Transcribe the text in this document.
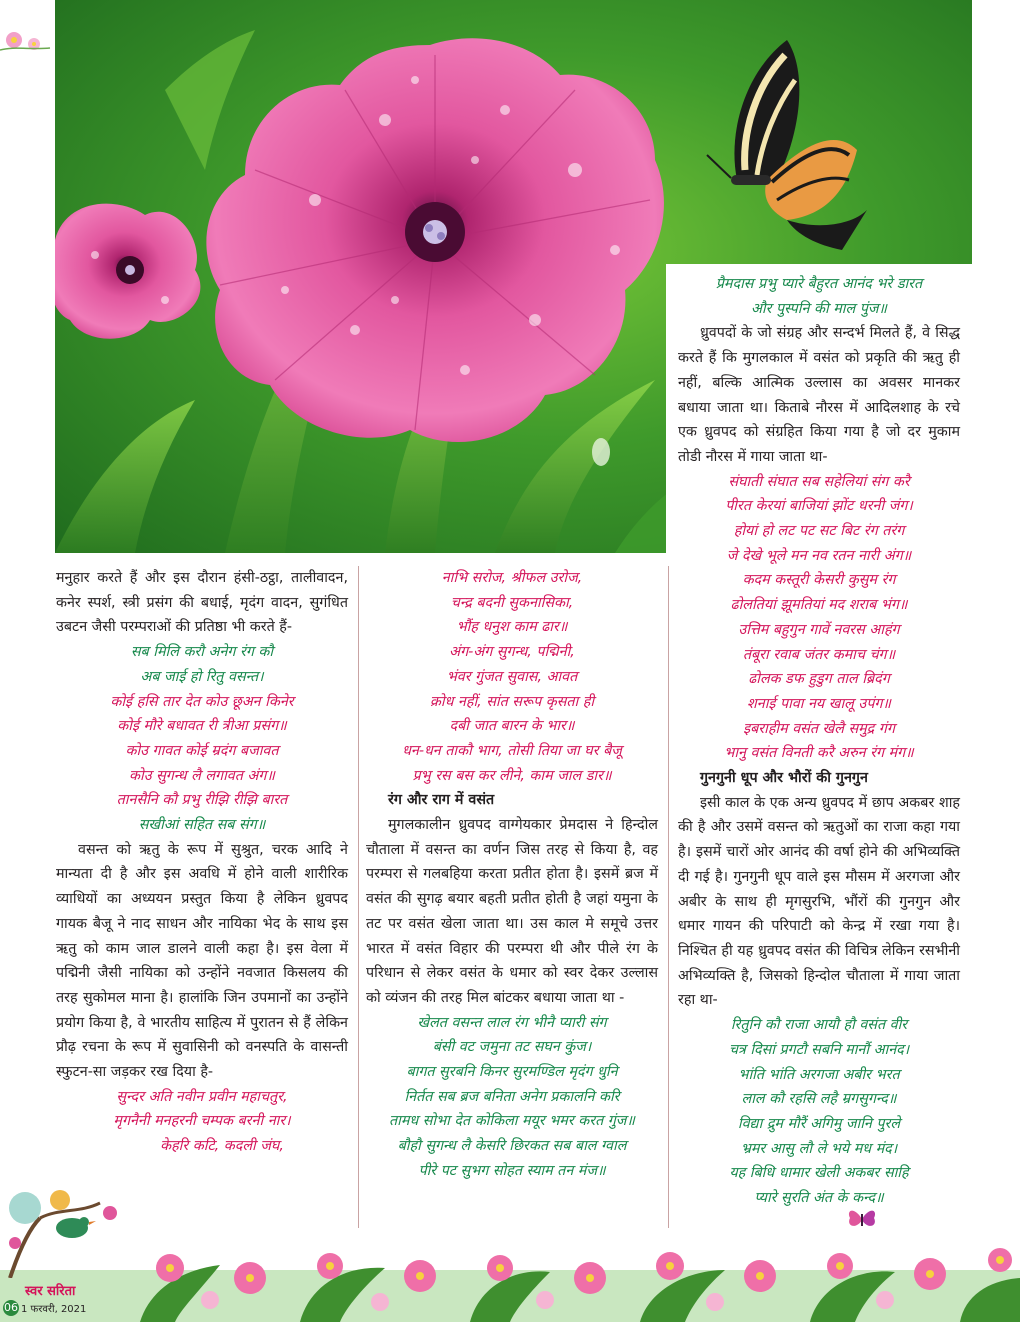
मनुहार करते हैं और इस दौरान हंसी-ठट्ठा, तालीवादन, कनेर स्पर्श, स्त्री प्रसंग की बधाई, मृदंग वादन, सुगंधित उबटन जैसी परम्पराओं की प्रतिष्ठा भी करते हैं-

सब मिलि करौ अनेग रंग कौ

अब जाई हो रितु वसन्त।

कोई हसि तार देत कोउ छूअन किनेर

कोई मौरे बधावत री त्रीआ प्रसंग॥

कोउ गावत कोई म्रदंग बजावत

कोउ सुगन्ध लै लगावत अंग॥

तानसैनि कौ प्रभु रीझि रीझि बारत

सखीआं सहित सब संग॥

वसन्त को ऋतु के रूप में सुश्रुत, चरक आदि ने मान्यता दी है और इस अवधि में होने वाली शारीरिक व्याधियों का अध्ययन प्रस्तुत किया है लेकिन ध्रुवपद गायक बैजू ने नाद साधन और नायिका भेद के साथ इस ऋतु को काम जाल डालने वाली कहा है। इस वेला में पद्मिनी जैसी नायिका को उन्होंने नवजात किसलय की तरह सुकोमल माना है। हालांकि जिन उपमानों का उन्होंने प्रयोग किया है, वे भारतीय साहित्य में पुरातन से हैं लेकिन प्रौढ़ रचना के रूप में सुवासिनी को वनस्पति के वासन्ती स्फुटन-सा जड़कर रख दिया है-

सुन्दर अति नवीन प्रवीन महाचतुर,

मृगनैनी मनहरनी चम्पक बरनी नार।

केहरि कटि, कदली जंघ,

नाभि सरोज, श्रीफल उरोज,

चन्द्र बदनी सुकनासिका,

भौंह धनुश काम ढार॥

अंग-अंग सुगन्ध, पद्मिनी,

भंवर गुंजत सुवास, आवत

क्रोध नहीं, सांत सरूप कृसता ही

दबी जात बारन के भार॥

धन-धन ताकौ भाग, तोसी तिया जा घर बैजू

प्रभु रस बस कर लीने, काम जाल डार॥

रंग और राग में वसंत

मुगलकालीन ध्रुवपद वाग्गेयकार प्रेमदास ने हिन्दोल चौताला में वसन्त का वर्णन जिस तरह से किया है, वह परम्परा से गलबहिया करता प्रतीत होता है। इसमें ब्रज में वसंत की सुगढ़ बयार बहती प्रतीत होती है जहां यमुना के तट पर वसंत खेला जाता था। उस काल मे समूचे उत्तर भारत में वसंत विहार की परम्परा थी और पीले रंग के परिधान से लेकर वसंत के धमार को स्वर देकर उल्लास को व्यंजन की तरह मिल बांटकर बधाया जाता था -

खेलत वसन्त लाल रंग भीनै प्यारी संग

बंसी वट जमुना तट सघन कुंज।

बागत सुरबनि किनर सुरमण्डिल मृदंग धुनि

निर्तत सब ब्रज बनिता अनेग प्रकालनि करि

तामध सोभा देत कोकिला मयूर भमर करत गुंज॥

बौहौ सुगन्ध लै केसरि छिरकत सब बाल ग्वाल

पीरे पट सुभग सोहत स्याम तन मंज॥

प्रैमदास प्रभु प्यारे बैहुरत आनंद भरे डारत

और पुस्पनि की माल पुंज॥

ध्रुवपदों के जो संग्रह और सन्दर्भ मिलते हैं, वे सिद्ध करते हैं कि मुगलकाल में वसंत को प्रकृति की ऋतु ही नहीं, बल्कि आत्मिक उल्लास का अवसर मानकर बधाया जाता था। किताबे नौरस में आदिलशाह के रचे एक ध्रुवपद को संग्रहित किया गया है जो दर मुकाम तोडी नौरस में गाया जाता था-

संघाती संघात सब सहेलियां संग करै

पीरत केरयां बाजियां झोंट धरनी जंग।

होयां हो लट पट सट बिट रंग तरंग

जे देखे भूले मन नव रतन नारी अंग॥

कदम कस्तूरी केसरी कुसुम रंग

ढोलतियां झूमतियां मद शराब भंग॥

उत्तिम बहुगुन गावें नवरस आहंग

तंबूरा रवाब जंतर कमाच चंग॥

ढोलक डफ हुडुग ताल ब्रिदंग

शनाई पावा नय खालू उपंग॥

इबराहीम वसंत खेलै समुद्र गंग

भानु वसंत विनती करै अरुन रंग मंग॥

गुनगुनी धूप और भौरों की गुनगुन

इसी काल के एक अन्य ध्रुवपद में छाप अकबर शाह की है और उसमें वसन्त को ऋतुओं का राजा कहा गया है। इसमें चारों ओर आनंद की वर्षा होने की अभिव्यक्ति दी गई है। गुनगुनी धूप वाले इस मौसम में अरगजा और अबीर के साथ ही मृगसुरभि, भौंरों की गुनगुन और धमार गायन की परिपाटी को केन्द्र में रखा गया है। निश्चित ही यह ध्रुवपद वसंत की विचित्र लेकिन रसभीनी अभिव्यक्ति है, जिसको हिन्दोल चौताला में गाया जाता रहा था-

रितुनि कौ राजा आयौ हौ वसंत वीर

चत्र दिसां प्रगटौ सबनि मानौं आनंद।

भांति भांति अरगजा अबीर भरत

लाल कौ रहसि लहै म्रगसुगन्द॥

विद्या द्रुम मौरैं अगिमु जानि पुरले

भ्रमर आसु लौ ले भये मध मंद।

यह बिधि धामार खेली अकबर साहि

प्यारे सुरति अंत के कन्द॥

06
स्वर सरिता
1 फरवरी, 2021
